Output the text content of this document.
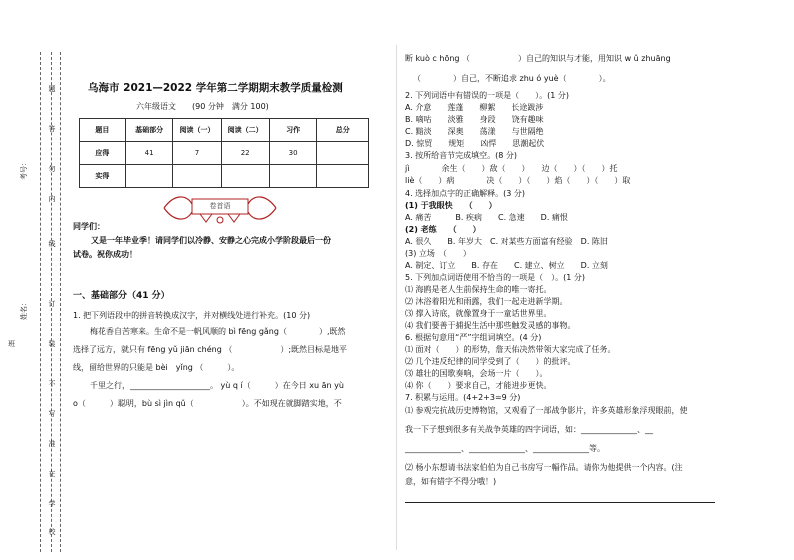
题
答
勿
内
线
订
装
不
写
准
在
学
校
考号：
姓名：
班
乌海市 2021—2022 学年第二学期期末教学质量检测
六年级语文　　(90 分钟　满分 100)
题目	基础部分	阅读（一）	阅读（二）	习作	总分
应得	41	7	22	30	
实得					
卷首语
同学们：
又是一年毕业季！请同学们以冷静、安静之心完成小学阶段最后一份
试卷。祝你成功！
一、基础部分（41 分）
1. 把下列语段中的拼音转换成汉字，并对横线处进行补充。(10 分)
梅花香自苦寒来。生命不是一帆风顺的 bì fēng gǎng（　　　　）,既然
选择了远方，就只有 fēng yǔ jiān chéng （　　　　　　）;既然目标是地平
线，留给世界的只能是 bèi　yǐng （　　　）。
千里之行，____________________。 yù q í（　　　）在今日 xu ān yù
o（　　　）聪明，bù sì jìn qǔ（　　　　　　）。不如现在就脚踏实地，不
断 kuò c hōng （　　　　　　）自己的知识与才能，用知识 w ǔ zhuāng
（　　　　）自己，不断追求 zhu ó yuè（　　　　）。
2. 下列词语中有错误的一项是（　　）。(1 分)
A. 介意　　莲蓬　　柳絮　　长途跋涉
B. 嘀咕　　淡雅　　身段　　饶有趣味
C. 黯淡　　深奥　　荡漾　　与世隔绝
D. 惊贸　　规矩　　凶悍　　思潮起伏
3. 按所给音节完成填空。(8 分)
jì　　　　余生（　　）敌（　　）　　边（　　）（　　）托
liè（　　）病　　　　决（　　）（　　）焰（　　）（　　）取
4. 选择加点字的正确解释。(3 分)
(1) 于我眼快　　（　　）
A. 痛苦　　　B. 疾病　　C. 急速　　D. 痛恨
(2) 老练　　（　　）
A. 很久　　B. 年岁大　C. 对某些方面富有经验　D. 陈旧
(3) 立场　（　　）
A. 制定、订立　　B. 存在　　C. 建立、树立　　D. 立刻
5. 下列加点词语使用不恰当的一项是（　）。(1 分)
⑴ 海鸥是老人生前保持生命的唯一寄托。
⑵ 沐浴着阳光和雨露，我们一起走进新学期。
⑶ 撑入诗底，就像置身于一童话世界里。
⑷ 我们要善于捕捉生活中那些触发灵感的事物。
6. 根据句意用“严”字组词填空。(4 分)
⑴ 面对（　　）的形势，詹天佑决然带领大家完成了任务。
⑵ 几个违反纪律的同学受到了（　　）的批评。
⑶ 雄壮的国歌奏响，会场一片（　　）。
⑷ 你（　　）要求自己，才能进步更快。
7. 积累与运用。(4+2+3=9 分)
⑴ 参观完抗战历史博物馆，又观看了一部战争影片，许多英雄形象浮现眼前，使
我一下子想到很多有关战争英雄的四字词语，如：______________、__
______________、______________、______________等。
⑵ 杨小东想请书法家伯伯为自己书房写一幅作品。请你为他提供一个内容。(注
意，如有错字不得分哦！)
